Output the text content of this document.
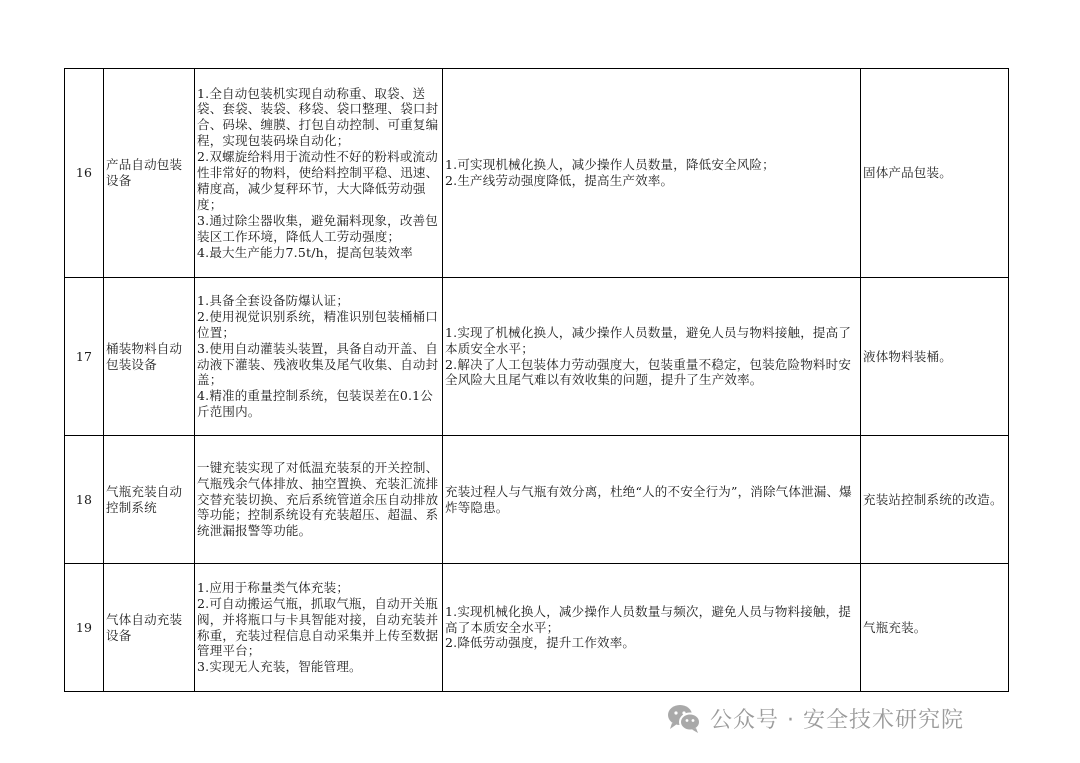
16	产品自动包装设备	1.全自动包装机实现自动称重、取袋、送袋、套袋、装袋、移袋、袋口整理、袋口封合、码垛、缠膜、打包自动控制、可重复编程，实现包装码垛自动化；
2.双螺旋给料用于流动性不好的粉料或流动性非常好的物料，使给料控制平稳、迅速、精度高，减少复秤环节，大大降低劳动强度；
3.通过除尘器收集，避免漏料现象，改善包装区工作环境，降低人工劳动强度；
4.最大生产能力7.5t/h，提高包装效率	1.可实现机械化换人，减少操作人员数量，降低安全风险；
2.生产线劳动强度降低，提高生产效率。	固体产品包装。
17	桶装物料自动包装设备	1.具备全套设备防爆认证；
2.使用视觉识别系统，精准识别包装桶桶口位置；
3.使用自动灌装头装置，具备自动开盖、自动液下灌装、残液收集及尾气收集、自动封盖；
4.精准的重量控制系统，包装误差在0.1公斤范围内。	1.实现了机械化换人，减少操作人员数量，避免人员与物料接触，提高了本质安全水平；
2.解决了人工包装体力劳动强度大，包装重量不稳定，包装危险物料时安全风险大且尾气难以有效收集的问题，提升了生产效率。	液体物料装桶。
18	气瓶充装自动控制系统	一键充装实现了对低温充装泵的开关控制、气瓶残余气体排放、抽空置换、充装汇流排交替充装切换、充后系统管道余压自动排放等功能；控制系统设有充装超压、超温、系统泄漏报警等功能。	充装过程人与气瓶有效分离，杜绝“人的不安全行为”，消除气体泄漏、爆炸等隐患。	充装站控制系统的改造。
19	气体自动充装设备	1.应用于称量类气体充装；
2.可自动搬运气瓶，抓取气瓶，自动开关瓶阀，并将瓶口与卡具智能对接，自动充装并称重，充装过程信息自动采集并上传至数据管理平台；
3.实现无人充装，智能管理。	1.实现机械化换人，减少操作人员数量与频次，避免人员与物料接触，提高了本质安全水平；
2.降低劳动强度，提升工作效率。	气瓶充装。
公众号 · 安全技术研究院
